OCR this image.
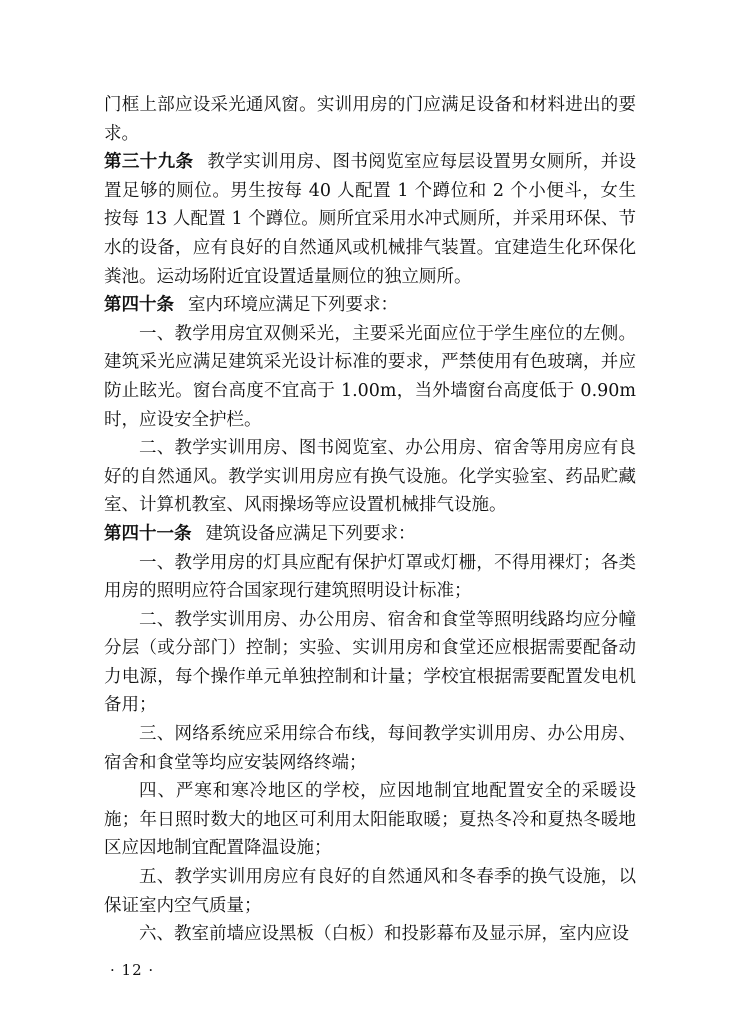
门框上部应设采光通风窗。实训用房的门应满足设备和材料进出的要求。

第三十九条 教学实训用房、图书阅览室应每层设置男女厕所，并设置足够的厕位。男生按每 40 人配置 1 个蹲位和 2 个小便斗，女生按每 13 人配置 1 个蹲位。厕所宜采用水冲式厕所，并采用环保、节水的设备，应有良好的自然通风或机械排气装置。宜建造生化环保化粪池。运动场附近宜设置适量厕位的独立厕所。

第四十条 室内环境应满足下列要求：

一、教学用房宜双侧采光，主要采光面应位于学生座位的左侧。建筑采光应满足建筑采光设计标准的要求，严禁使用有色玻璃，并应防止眩光。窗台高度不宜高于 1.00m，当外墙窗台高度低于 0.90m 时，应设安全护栏。

二、教学实训用房、图书阅览室、办公用房、宿舍等用房应有良好的自然通风。教学实训用房应有换气设施。化学实验室、药品贮藏室、计算机教室、风雨操场等应设置机械排气设施。

第四十一条 建筑设备应满足下列要求：

一、教学用房的灯具应配有保护灯罩或灯栅，不得用裸灯；各类用房的照明应符合国家现行建筑照明设计标准；

二、教学实训用房、办公用房、宿舍和食堂等照明线路均应分幢分层（或分部门）控制；实验、实训用房和食堂还应根据需要配备动力电源，每个操作单元单独控制和计量；学校宜根据需要配置发电机备用；

三、网络系统应采用综合布线，每间教学实训用房、办公用房、宿舍和食堂等均应安装网络终端；

四、严寒和寒冷地区的学校，应因地制宜地配置安全的采暖设施；年日照时数大的地区可利用太阳能取暖；夏热冬冷和夏热冬暖地区应因地制宜配置降温设施；

五、教学实训用房应有良好的自然通风和冬春季的换气设施，以保证室内空气质量；

六、教室前墙应设黑板（白板）和投影幕布及显示屏，室内应设

· 12 ·
